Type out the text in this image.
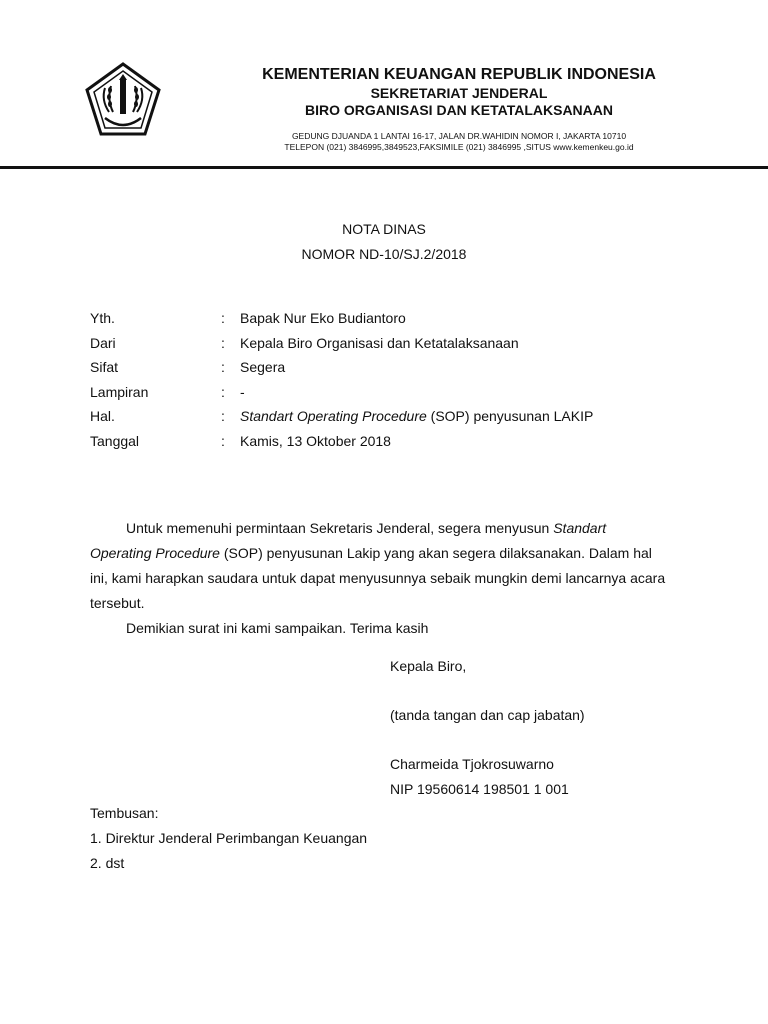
KEMENTERIAN KEUANGAN REPUBLIK INDONESIA
SEKRETARIAT JENDERAL
BIRO ORGANISASI DAN KETATALAKSANAAN
GEDUNG DJUANDA 1 LANTAI 16-17, JALAN DR.WAHIDIN NOMOR I, JAKARTA 10710
TELEPON (021) 3846995,3849523,FAKSIMILE (021) 3846995 ,SITUS www.kemenkeu.go.id
NOTA DINAS
NOMOR ND-10/SJ.2/2018
Yth.	: Bapak Nur Eko Budiantoro
Dari	: Kepala Biro Organisasi dan Ketatalaksanaan
Sifat	: Segera
Lampiran	: -
Hal.	: Standart Operating Procedure (SOP) penyusunan LAKIP
Tanggal	: Kamis, 13 Oktober 2018

Untuk memenuhi permintaan Sekretaris Jenderal, segera menyusun Standart Operating Procedure (SOP) penyusunan Lakip yang akan segera dilaksanakan. Dalam hal ini, kami harapkan saudara untuk dapat menyusunnya sebaik mungkin demi lancarnya acara tersebut.

Demikian surat ini kami sampaikan. Terima kasih

Kepala Biro,
(tanda tangan dan cap jabatan)
Charmeida Tjokrosuwarno
NIP 19560614 198501 1 001
Tembusan:
1. Direktur Jenderal Perimbangan Keuangan
2. dst
